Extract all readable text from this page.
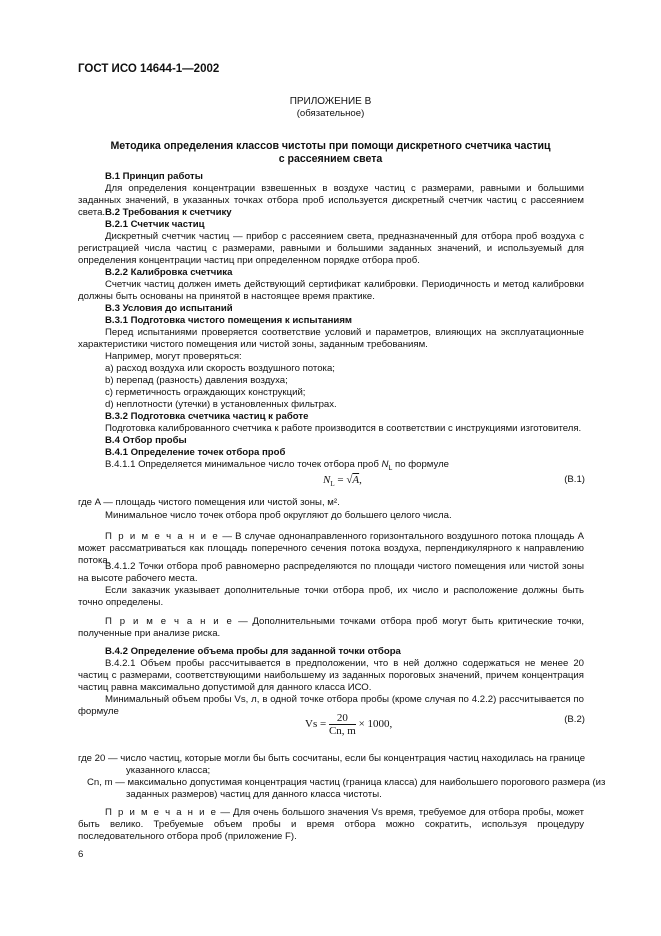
ГОСТ ИСО 14644-1—2002
ПРИЛОЖЕНИЕ В
(обязательное)
Методика определения классов чистоты при помощи дискретного счетчика частиц
с рассеянием света
В.1 Принцип работы
Для определения концентрации взвешенных в воздухе частиц с размерами, равными и большими заданных значений, в указанных точках отбора проб используется дискретный счетчик частиц с рассеянием света. В.2 Требования к счетчику
В.2.1 Счетчик частиц
Дискретный счетчик частиц — прибор с рассеянием света, предназначенный для отбора проб воздуха с регистрацией числа частиц с размерами, равными и большими заданных значений, и используемый для определения концентрации частиц при определенном порядке отбора проб.
В.2.2 Калибровка счетчика
Счетчик частиц должен иметь действующий сертификат калибровки. Периодичность и метод калибровки должны быть основаны на принятой в настоящее время практике.
В.3 Условия до испытаний
В.3.1 Подготовка чистого помещения к испытаниям
Перед испытаниями проверяется соответствие условий и параметров, влияющих на эксплуатационные характеристики чистого помещения или чистой зоны, заданным требованиям.
Например, могут проверяться:
a) расход воздуха или скорость воздушного потока;
b) перепад (разность) давления воздуха;
c) герметичность ограждающих конструкций;
d) неплотности (утечки) в установленных фильтрах.
В.3.2 Подготовка счетчика частиц к работе
Подготовка калиброванного счетчика к работе производится в соответствии с инструкциями изготовителя.
В.4 Отбор пробы
В.4.1 Определение точек отбора проб
В.4.1.1 Определяется минимальное число точек отбора проб $N_L$ по формуле
$N_L = √A$,	(В.1)
где A — площадь чистого помещения или чистой зоны, м².
Минимальное число точек отбора проб округляют до большего целого числа.
П р и м е ч а н и е — В случае однонаправленного горизонтального воздушного потока площадь A может рассматриваться как площадь поперечного сечения потока воздуха, перпендикулярного к направлению потока.
В.4.1.2 Точки отбора проб равномерно распределяются по площади чистого помещения или чистой зоны на высоте рабочего места.
Если заказчик указывает дополнительные точки отбора проб, их число и расположение должны быть точно определены.
П р и м е ч а н и е — Дополнительными точками отбора проб могут быть критические точки, полученные при анализе риска.
В.4.2 Определение объема пробы для заданной точки отбора
В.4.2.1 Объем пробы рассчитывается в предположении, что в ней должно содержаться не менее 20 частиц с размерами, соответствующими наибольшему из заданных пороговых значений, причем концентрация частиц равна максимально допустимой для данного класса ИСО.
Минимальный объем пробы Vs, л, в одной точке отбора пробы (кроме случая по 4.2.2) рассчитывается по формуле
$Vs = \frac{20}{Cn, m} \times 1000$,	(В.2)
где 20 — число частиц, которые могли бы быть сосчитаны, если бы концентрация частиц находилась на границе
указанного класса;
Cn, m — максимально допустимая концентрация частиц (граница класса) для наибольшего порогового размера (из
заданных размеров) частиц для данного класса чистоты.
П р и м е ч а н и е — Для очень большого значения Vs время, требуемое для отбора пробы, может быть велико. Требуемые объем пробы и время отбора можно сократить, используя процедуру последовательного отбора проб (приложение F).
6
